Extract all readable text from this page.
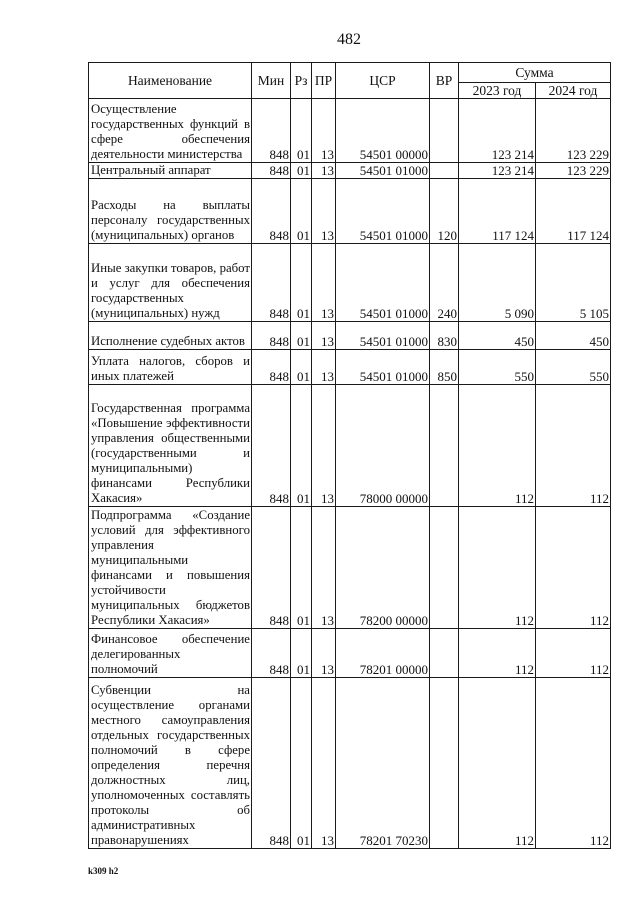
482
Наименование	Мин	Рз	ПР	ЦСР	ВР	Сумма	
						2023 год	2024 год
Осуществление государственных функций в сфере обеспечения деятельности министерства	848	01	13	54501 00000		123 214	123 229
Центральный аппарат	848	01	13	54501 01000		123 214	123 229
Расходы на выплаты персоналу государственных (муниципальных) органов	848	01	13	54501 01000	120	117 124	117 124
Иные закупки товаров, работ и услуг для обеспечения государственных (муниципальных) нужд	848	01	13	54501 01000	240	5 090	5 105
Исполнение судебных актов	848	01	13	54501 01000	830	450	450
Уплата налогов, сборов и иных платежей	848	01	13	54501 01000	850	550	550
Государственная программа «Повышение эффективности управления общественными (государственными и муниципальными) финансами Республики Хакасия»	848	01	13	78000 00000		112	112
Подпрограмма «Создание условий для эффективного управления муниципальными финансами и повышения устойчивости муниципальных бюджетов Республики Хакасия»	848	01	13	78200 00000		112	112
Финансовое обеспечение делегированных полномочий	848	01	13	78201 00000		112	112
Субвенции на осуществление органами местного самоуправления отдельных государственных полномочий в сфере определения перечня должностных лиц, уполномоченных составлять протоколы об административных правонарушениях	848	01	13	78201 70230		112	112
k309 h2
